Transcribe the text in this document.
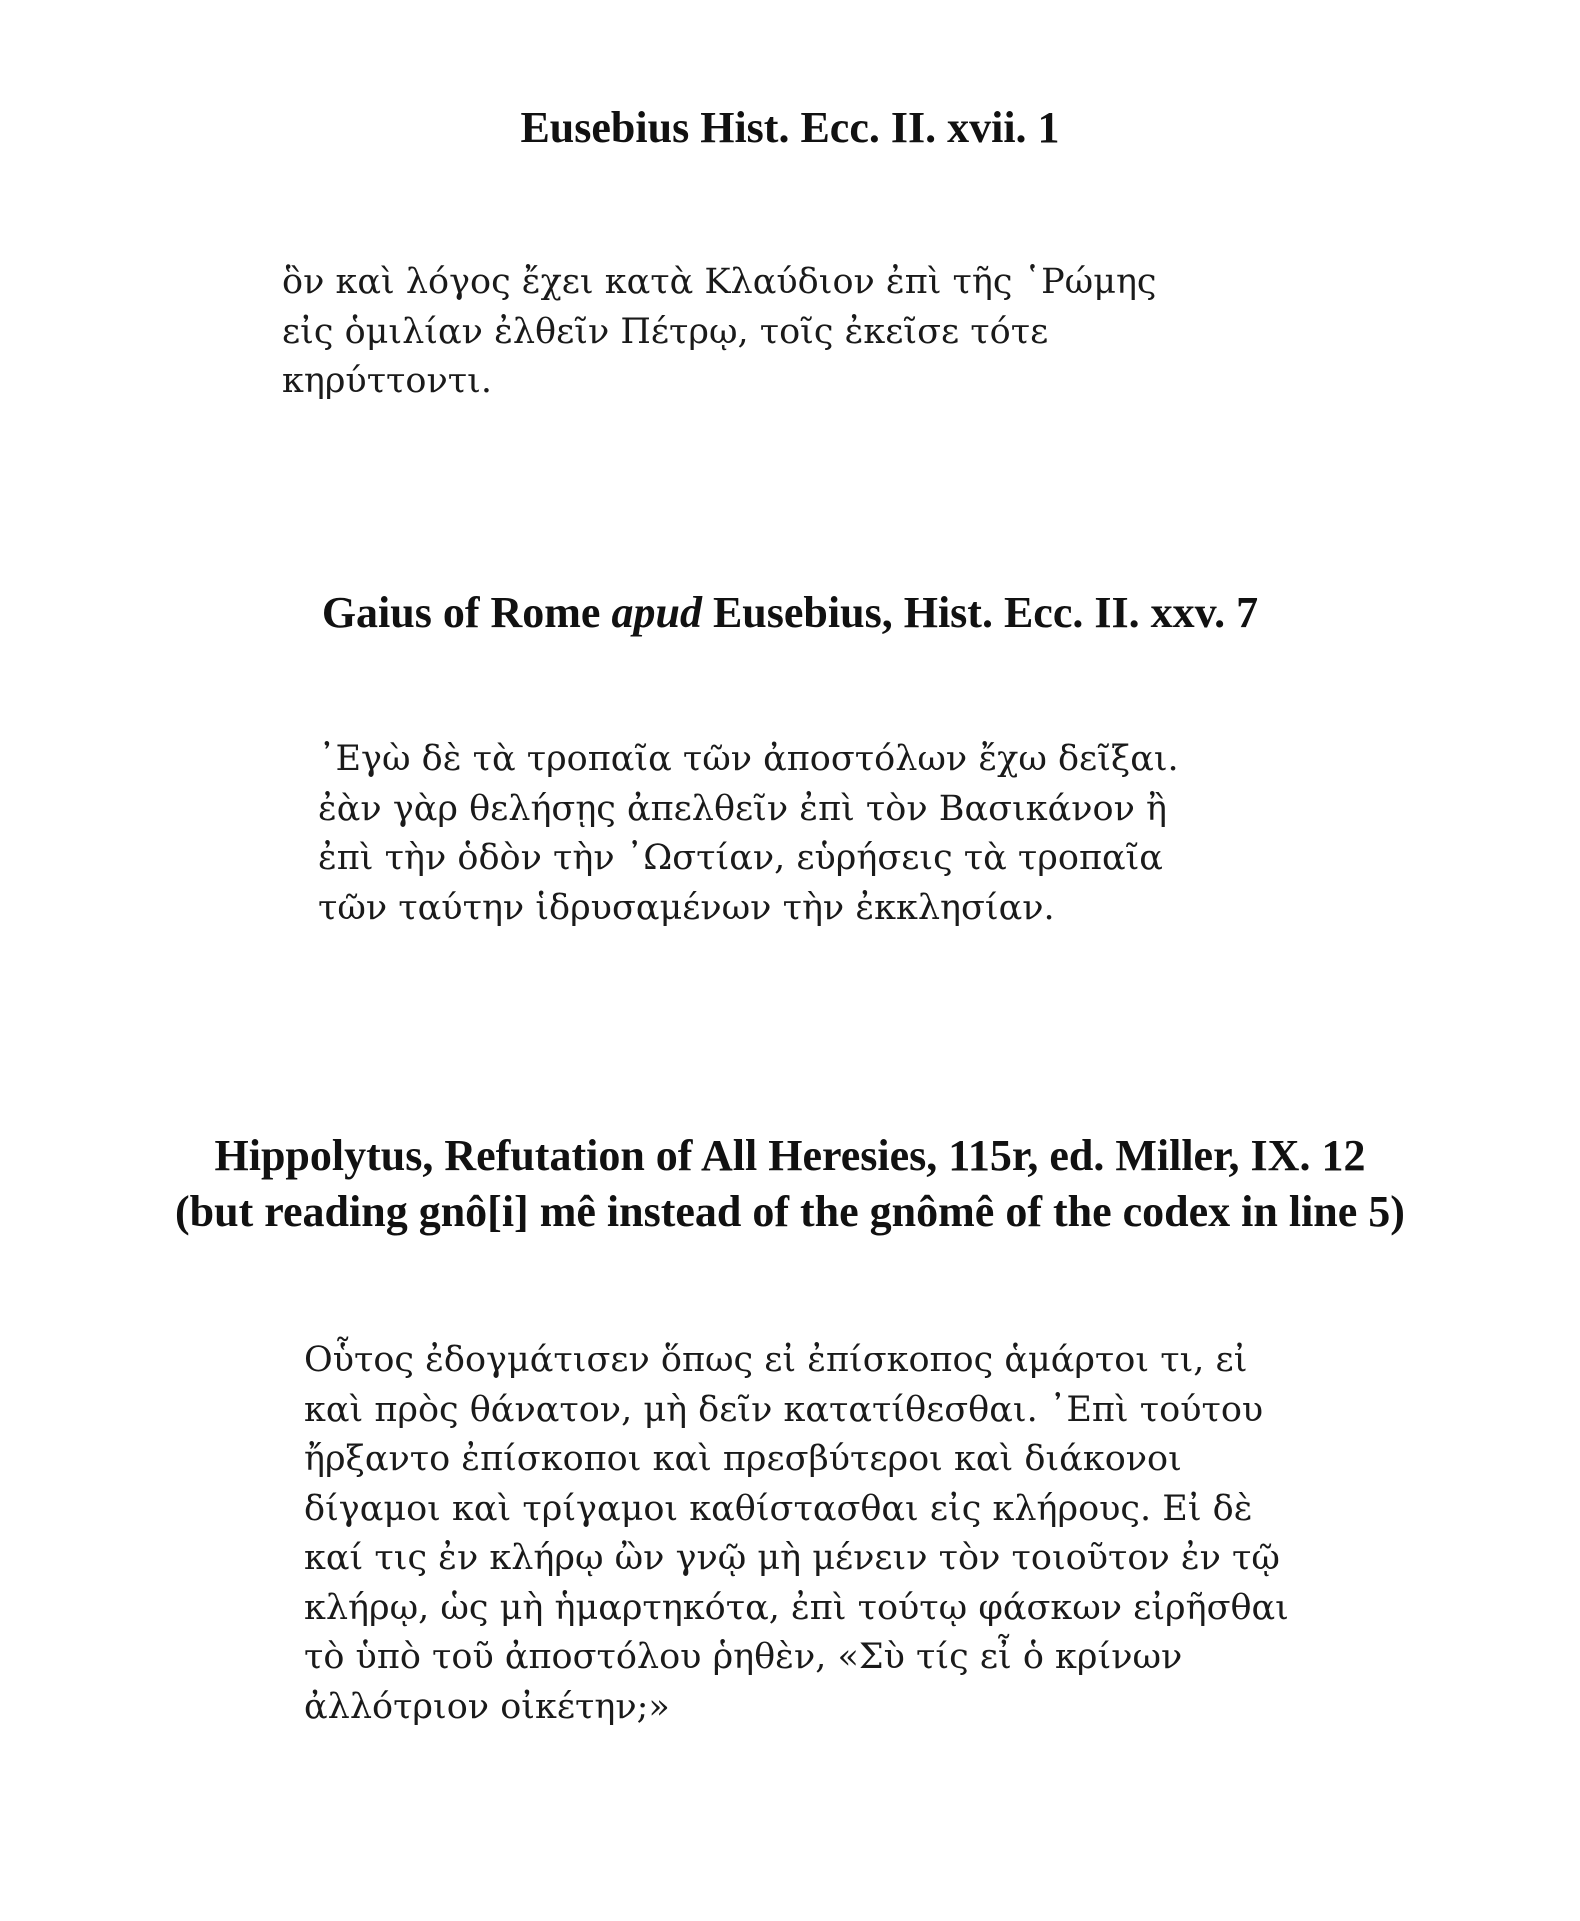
Eusebius Hist. Ecc. II. xvii. 1
ὃν καὶ λόγος ἔχει κατὰ Κλαύδιον ἐπὶ τῆς ῾Ρώμης
εἰς ὁμιλίαν ἐλθεῖν Πέτρῳ, τοῖς ἐκεῖσε τότε
κηρύττοντι.
Gaius of Rome apud Eusebius, Hist. Ecc. II. xxv. 7
᾿Εγὼ δὲ τὰ τροπαῖα τῶν ἀποστόλων ἔχω δεῖξαι.
ἐὰν γὰρ θελήσῃς ἀπελθεῖν ἐπὶ τὸν Βασικάνον ἢ
ἐπὶ τὴν ὁδὸν τὴν ᾿Ωστίαν, εὑρήσεις τὰ τροπαῖα
τῶν ταύτην ἱδρυσαμένων τὴν ἐκκλησίαν.
Hippolytus, Refutation of All Heresies, 115r, ed. Miller, IX. 12
(but reading gnô[i] mê instead of the gnômê of the codex in line 5)
Οὗτος ἐδογμάτισεν ὅπως εἰ ἐπίσκοπος ἁμάρτοι τι, εἰ
καὶ πρὸς θάνατον, μὴ δεῖν κατατίθεσθαι. ᾿Επὶ τούτου
ἤρξαντο ἐπίσκοποι καὶ πρεσβύτεροι καὶ διάκονοι
δίγαμοι καὶ τρίγαμοι καθίστασθαι εἰς κλήρους. Εἰ δὲ
καί τις ἐν κλήρῳ ὢν γνῷ μὴ μένειν τὸν τοιοῦτον ἐν τῷ
κλήρῳ, ὡς μὴ ἡμαρτηκότα, ἐπὶ τούτῳ φάσκων εἰρῆσθαι
τὸ ὑπὸ τοῦ ἀποστόλου ῥηθὲν, «Σὺ τίς εἶ ὁ κρίνων
ἀλλότριον οἰκέτην;»
